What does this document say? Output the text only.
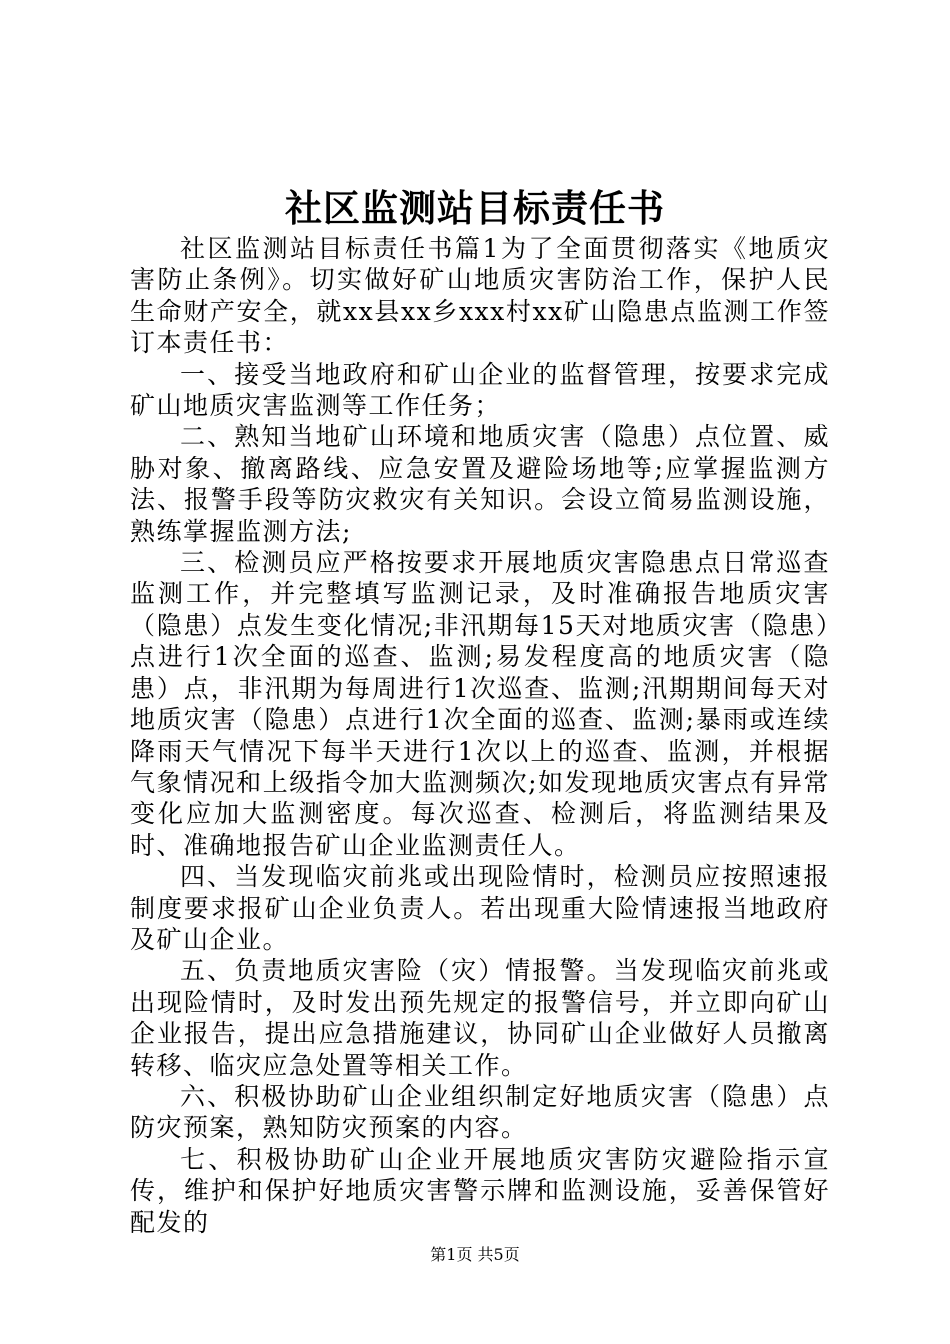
社区监测站目标责任书

社区监测站目标责任书篇1为了全面贯彻落实《地质灾害防止条例》。切实做好矿山地质灾害防治工作，保护人民生命财产安全，就xx县xx乡xxx村xx矿山隐患点监测工作签订本责任书：

一、接受当地政府和矿山企业的监督管理，按要求完成矿山地质灾害监测等工作任务；

二、熟知当地矿山环境和地质灾害（隐患）点位置、威胁对象、撤离路线、应急安置及避险场地等;应掌握监测方法、报警手段等防灾救灾有关知识。会设立简易监测设施，熟练掌握监测方法;

三、检测员应严格按要求开展地质灾害隐患点日常巡查监测工作，并完整填写监测记录，及时准确报告地质灾害（隐患）点发生变化情况;非汛期每15天对地质灾害（隐患）点进行1次全面的巡查、监测;易发程度高的地质灾害（隐患）点，非汛期为每周进行1次巡查、监测;汛期期间每天对地质灾害（隐患）点进行1次全面的巡查、监测;暴雨或连续降雨天气情况下每半天进行1次以上的巡查、监测，并根据气象情况和上级指令加大监测频次;如发现地质灾害点有异常变化应加大监测密度。每次巡查、检测后，将监测结果及时、准确地报告矿山企业监测责任人。

四、当发现临灾前兆或出现险情时，检测员应按照速报制度要求报矿山企业负责人。若出现重大险情速报当地政府及矿山企业。

五、负责地质灾害险（灾）情报警。当发现临灾前兆或出现险情时，及时发出预先规定的报警信号，并立即向矿山企业报告，提出应急措施建议，协同矿山企业做好人员撤离转移、临灾应急处置等相关工作。

六、积极协助矿山企业组织制定好地质灾害（隐患）点防灾预案，熟知防灾预案的内容。

七、积极协助矿山企业开展地质灾害防灾避险指示宣传，维护和保护好地质灾害警示牌和监测设施，妥善保管好配发的

第1页 共5页
